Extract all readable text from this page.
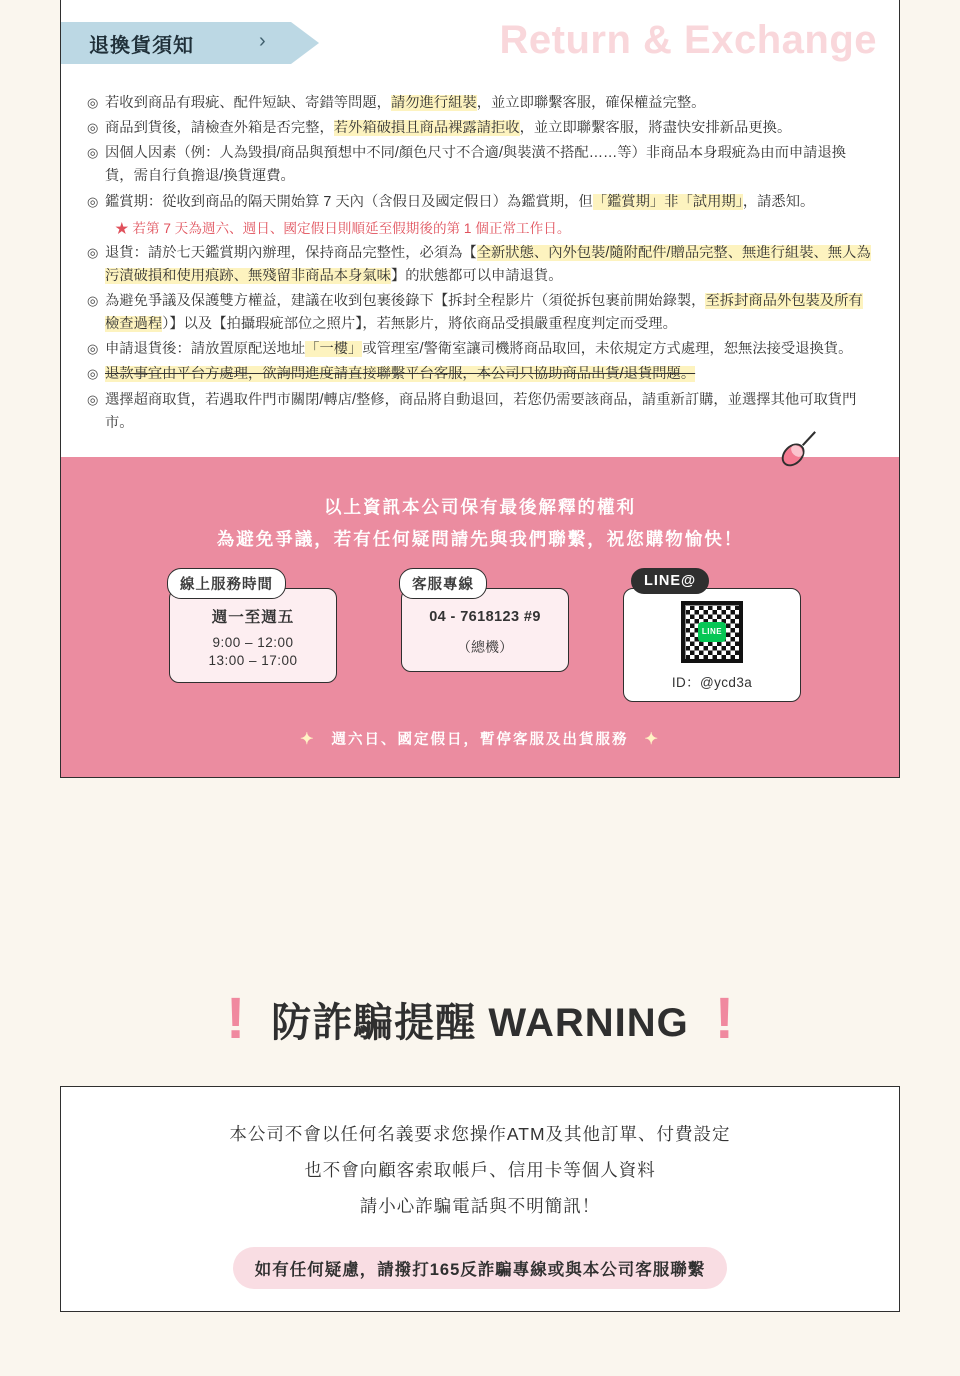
退換貨須知	›	Return & Exchange
◎ 若收到商品有瑕疵、配件短缺、寄錯等問題，請勿進行組裝，並立即聯繫客服，確保權益完整。
◎ 商品到貨後，請檢查外箱是否完整，若外箱破損且商品裸露請拒收，並立即聯繫客服，將盡快安排新品更換。
◎ 因個人因素（例：人為毀損/商品與預想中不同/顏色尺寸不合適/與裝潢不搭配……等）非商品本身瑕疵為由而申請退換貨，需自行負擔退/換貨運費。
◎ 鑑賞期：從收到商品的隔天開始算 7 天內（含假日及國定假日）為鑑賞期，但「鑑賞期」非「試用期」，請悉知。
★ 若第 7 天為週六、週日、國定假日則順延至假期後的第 1 個正常工作日。
◎ 退貨：請於七天鑑賞期內辦理，保持商品完整性，必須為【全新狀態、內外包裝/隨附配件/贈品完整、無進行組裝、無人為污漬破損和使用痕跡、無殘留非商品本身氣味】的狀態都可以申請退貨。
◎ 為避免爭議及保護雙方權益，建議在收到包裹後錄下【拆封全程影片（須從拆包裹前開始錄製，至拆封商品外包裝及所有檢查過程）】以及【拍攝瑕疵部位之照片】，若無影片，將依商品受損嚴重程度判定而受理。
◎ 申請退貨後：請放置原配送地址「一樓」或管理室/警衛室讓司機將商品取回，未依規定方式處理，恕無法接受退換貨。
◎ 退款事宜由平台方處理，欲詢問進度請直接聯繫平台客服，本公司只協助商品出貨/退貨問題。
◎ 選擇超商取貨，若遇取件門市關閉/轉店/整修，商品將自動退回，若您仍需要該商品，請重新訂購，並選擇其他可取貨門市。
以上資訊本公司保有最後解釋的權利
為避免爭議，若有任何疑問請先與我們聯繫，祝您購物愉快！
線上服務時間
週一至週五
9:00 – 12:00
13:00 – 17:00
客服專線
04 - 7618123 #9
（總機）
LINE@
LINE
ID：@ycd3a
✦ 週六日、國定假日，暫停客服及出貨服務 ✦
! 防詐騙提醒 WARNING !
本公司不會以任何名義要求您操作ATM及其他訂單、付費設定
也不會向顧客索取帳戶、信用卡等個人資料
請小心詐騙電話與不明簡訊！
如有任何疑慮，請撥打165反詐騙專線或與本公司客服聯繫
